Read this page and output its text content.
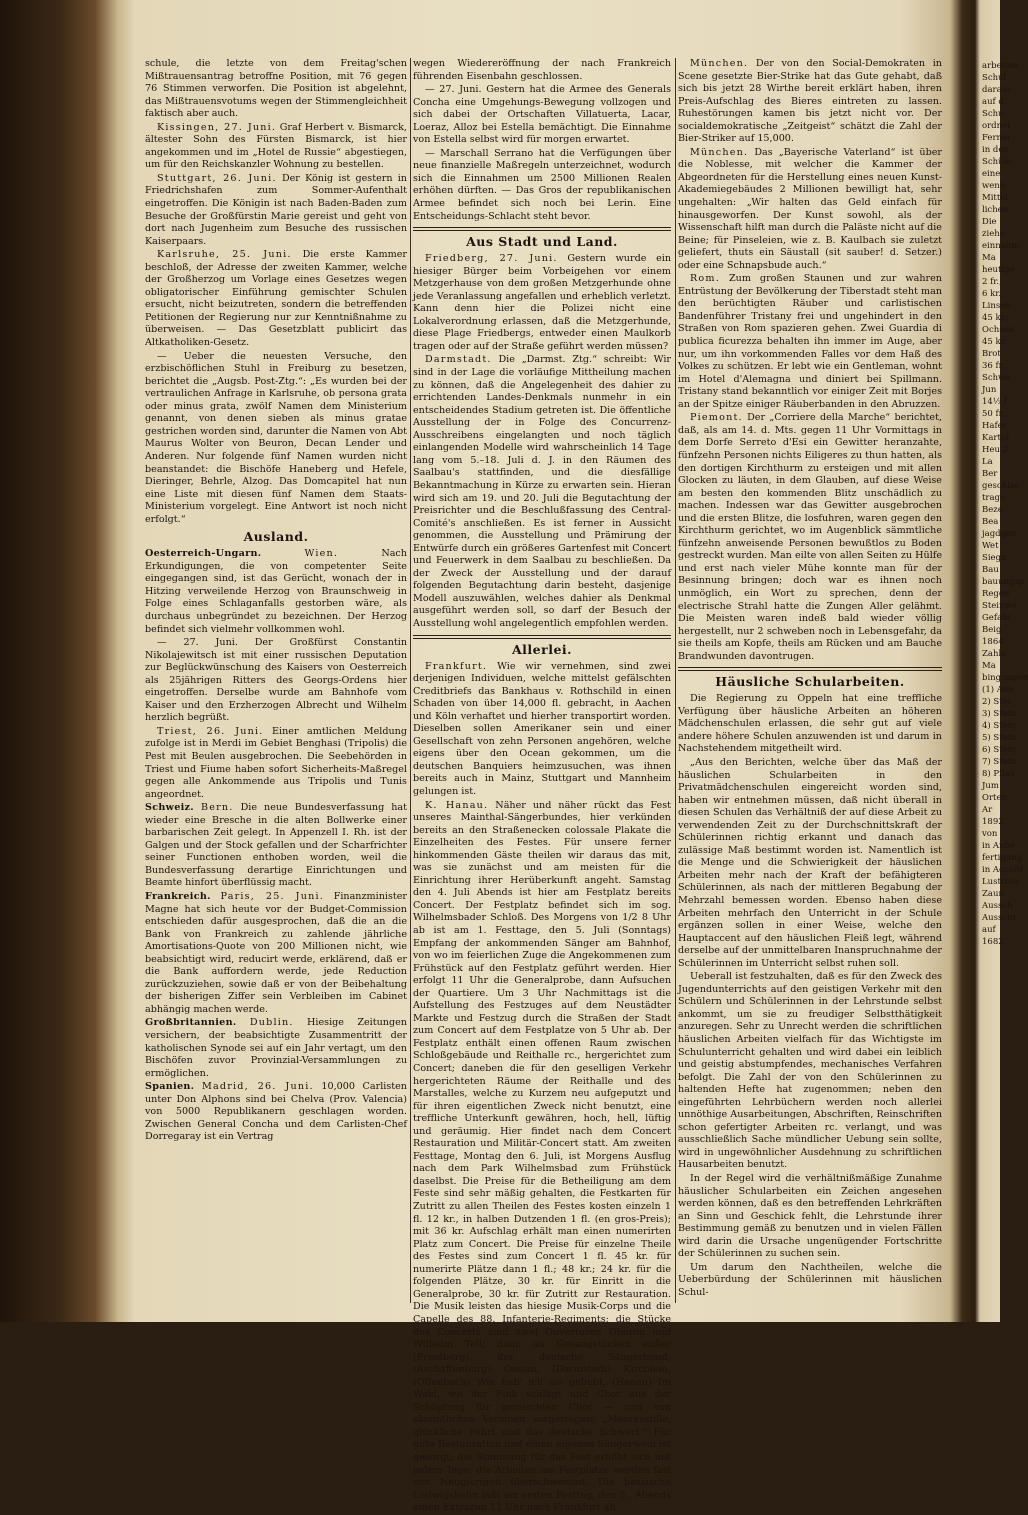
schule, die letzte von dem Freitag'schen Mißtrauensantrag betroffne Position, mit 76 gegen 76 Stimmen verworfen. Die Position ist abgelehnt, das Mißtrauensvotums wegen der Stimmengleichheit faktisch aber auch.

Kissingen, 27. Juni. Graf Herbert v. Bismarck, ältester Sohn des Fürsten Bismarck, ist hier angekommen und im „Hotel de Russie“ abgestiegen, um für den Reichskanzler Wohnung zu bestellen.

Stuttgart, 26. Juni. Der König ist gestern in Friedrichshafen zum Sommer-Aufenthalt eingetroffen. Die Königin ist nach Baden-Baden zum Besuche der Großfürstin Marie gereist und geht von dort nach Jugenheim zum Besuche des russischen Kaiserpaars.

Karlsruhe, 25. Juni. Die erste Kammer beschloß, der Adresse der zweiten Kammer, welche der Großherzog um Vorlage eines Gesetzes wegen obligatorischer Einführung gemischter Schulen ersucht, nicht beizutreten, sondern die betreffenden Petitionen der Regierung nur zur Kenntnißnahme zu überweisen. — Das Gesetzblatt publicirt das Altkatholiken-Gesetz.

— Ueber die neuesten Versuche, den erzbischöflichen Stuhl in Freiburg zu besetzen, berichtet die „Augsb. Post-Ztg.“: „Es wurden bei der vertraulichen Anfrage in Karlsruhe, ob persona grata oder minus grata, zwölf Namen dem Ministerium genannt, von denen sieben als minus gratae gestrichen worden sind, darunter die Namen von Abt Maurus Wolter von Beuron, Decan Lender und Anderen. Nur folgende fünf Namen wurden nicht beanstandet: die Bischöfe Haneberg und Hefele, Dieringer, Behrle, Alzog. Das Domcapitel hat nun eine Liste mit diesen fünf Namen dem Staats-Ministerium vorgelegt. Eine Antwort ist noch nicht erfolgt.“

Ausland.

Oesterreich-Ungarn.	Wien.	Nach Erkundigungen, die von competenter Seite eingegangen sind, ist das Gerücht, wonach der in Hitzing verweilende Herzog von Braunschweig in Folge eines Schlaganfalls gestorben wäre, als durchaus unbegründet zu bezeichnen. Der Herzog befindet sich vielmehr vollkommen wohl.

— 27. Juni. Der Großfürst Constantin Nikolajewitsch ist mit einer russischen Deputation zur Beglückwünschung des Kaisers von Oesterreich als 25jährigen Ritters des Georgs-Ordens hier eingetroffen. Derselbe wurde am Bahnhofe vom Kaiser und den Erzherzogen Albrecht und Wilhelm herzlich begrüßt.

Triest, 26. Juni. Einer amtlichen Meldung zufolge ist in Merdi im Gebiet Benghasi (Tripolis) die Pest mit Beulen ausgebrochen. Die Seebehörden in Triest und Fiume haben sofort Sicherheits-Maßregel gegen alle Ankommende aus Tripolis und Tunis angeordnet.

Schweiz. Bern. Die neue Bundesverfassung hat wieder eine Bresche in die alten Bollwerke einer barbarischen Zeit gelegt. In Appenzell I. Rh. ist der Galgen und der Stock gefallen und der Scharfrichter seiner Functionen enthoben worden, weil die Bundesverfassung derartige Einrichtungen und Beamte hinfort überflüssig macht.

Frankreich. Paris, 25. Juni. Finanzminister Magne hat sich heute vor der Budget-Commission entschieden dafür ausgesprochen, daß die an die Bank von Frankreich zu zahlende jährliche Amortisations-Quote von 200 Millionen nicht, wie beabsichtigt wird, reducirt werde, erklärend, daß er die Bank auffordern werde, jede Reduction zurückzuziehen, sowie daß er von der Beibehaltung der bisherigen Ziffer sein Verbleiben im Cabinet abhängig machen werde.

Großbritannien. Dublin. Hiesige Zeitungen versichern, der beabsichtigte Zusammentritt der katholischen Synode sei auf ein Jahr vertagt, um den Bischöfen zuvor Provinzial-Versammlungen zu ermöglichen.

Spanien. Madrid, 26. Juni. 10,000 Carlisten unter Don Alphons sind bei Chelva (Prov. Valencia) von 5000 Republikanern geschlagen worden. Zwischen General Concha und dem Carlisten-Chef Dorregaray ist ein Vertrag

wegen Wiedereröffnung der nach Frankreich führenden Eisenbahn geschlossen.

— 27. Juni. Gestern hat die Armee des Generals Concha eine Umgehungs-Bewegung vollzogen und sich dabei der Ortschaften Villatuerta, Lacar, Loeraz, Alloz bei Estella bemächtigt. Die Einnahme von Estella selbst wird für morgen erwartet.

— Marschall Serrano hat die Verfügungen über neue finanzielle Maßregeln unterzeichnet, wodurch sich die Einnahmen um 2500 Millionen Realen erhöhen dürften. — Das Gros der republikanischen Armee befindet sich noch bei Lerin. Eine Entscheidungs-Schlacht steht bevor.

Aus Stadt und Land.

Friedberg, 27. Juni. Gestern wurde ein hiesiger Bürger beim Vorbeigehen vor einem Metzgerhause von dem großen Metzgerhunde ohne jede Veranlassung angefallen und erheblich verletzt. Kann denn hier die Polizei nicht eine Lokalverordnung erlassen, daß die Metzgerhunde, diese Plage Friedbergs, entweder einen Maulkorb tragen oder auf der Straße geführt werden müssen?

Darmstadt. Die „Darmst. Ztg.“ schreibt: Wir sind in der Lage die vorläufige Mittheilung machen zu können, daß die Angelegenheit des dahier zu errichtenden Landes-Denkmals nunmehr in ein entscheidendes Stadium getreten ist. Die öffentliche Ausstellung der in Folge des Concurrenz-Ausschreibens eingelangten und noch täglich einlangenden Modelle wird wahrscheinlich 14 Tage lang vom 5.–18. Juli d. J. in den Räumen des Saalbau's stattfinden, und die diesfällige Bekanntmachung in Kürze zu erwarten sein. Hieran wird sich am 19. und 20. Juli die Begutachtung der Preisrichter und die Beschlußfassung des Central-Comité's anschließen. Es ist ferner in Aussicht genommen, die Ausstellung und Prämirung der Entwürfe durch ein größeres Gartenfest mit Concert und Feuerwerk in dem Saalbau zu beschließen. Da der Zweck der Ausstellung und der darauf folgenden Begutachtung darin besteht, dasjenige Modell auszuwählen, welches dahier als Denkmal ausgeführt werden soll, so darf der Besuch der Ausstellung wohl angelegentlich empfohlen werden.

Allerlei.

Frankfurt. Wie wir vernehmen, sind zwei derjenigen Individuen, welche mittelst gefälschten Creditbriefs das Bankhaus v. Rothschild in einen Schaden von über 14,000 fl. gebracht, in Aachen und Köln verhaftet und hierher transportirt worden. Dieselben sollen Amerikaner sein und einer Gesellschaft von zehn Personen angehören, welche eigens über den Ocean gekommen, um die deutschen Banquiers heimzusuchen, was ihnen bereits auch in Mainz, Stuttgart und Mannheim gelungen ist.

K. Hanau. Näher und näher rückt das Fest unseres Mainthal-Sängerbundes, hier verkünden bereits an den Straßenecken colossale Plakate die Einzelheiten des Festes. Für unsere ferner hinkommenden Gäste theilen wir daraus das mit, was sie zunächst und am meisten für die Einrichtung ihrer Herüberkunft angeht. Samstag den 4. Juli Abends ist hier am Festplatz bereits Concert. Der Festplatz befindet sich im sog. Wilhelmsbader Schloß. Des Morgens von 1/2 8 Uhr ab ist am 1. Festtage, den 5. Juli (Sonntags) Empfang der ankommenden Sänger am Bahnhof, von wo im feierlichen Zuge die Angekommenen zum Frühstück auf den Festplatz geführt werden. Hier erfolgt 11 Uhr die Generalprobe, dann Aufsuchen der Quartiere. Um 3 Uhr Nachmittags ist die Aufstellung des Festzuges auf dem Neustädter Markte und Festzug durch die Straßen der Stadt zum Concert auf dem Festplatze von 5 Uhr ab. Der Festplatz enthält einen offenen Raum zwischen Schloßgebäude und Reithalle rc., hergerichtet zum Concert; daneben die für den geselligen Verkehr hergerichteten Räume der Reithalle und des Marstalles, welche zu Kurzem neu aufgeputzt und für ihren eigentlichen Zweck nicht benutzt, eine treffliche Unterkunft gewähren, hoch, hell, lüftig und geräumig. Hier findet nach dem Concert Restauration und Militär-Concert statt. Am zweiten Festtage, Montag den 6. Juli, ist Morgens Ausflug nach dem Park Wilhelmsbad zum Frühstück daselbst. Die Preise für die Betheiligung am dem Feste sind sehr mäßig gehalten, die Festkarten für Zutritt zu allen Theilen des Festes kosten einzeln 1 fl. 12 kr., in halben Dutzenden 1 fl. (en gros-Preis); mit 36 kr. Aufschlag erhält man einen numerirten Platz zum Concert. Die Preise für einzelne Theile des Festes sind zum Concert 1 fl. 45 kr. für numerirte Plätze dann 1 fl.; 48 kr.; 24 kr. für die folgenden Plätze, 30 kr. für Einritt in die Generalprobe, 30 kr. für Zutritt zur Restauration. Die Musik leisten das hiesige Musik-Corps und die Capelle des 88. Infanterie-Regiments; die Stücke des Concerts sind zwei Ouverturen Oberon und Wilhelm Tell; dann an Gesangstücken außer (Friedberg), der deutsche Sängerbund; (Aschaffenburg) Ossian, (Darmstadt) Kirchlein, (Offenbach) Wie hab' ich sie geliebt, (Hanau) Im Wald, wo der Fink schlägt und Chor aus der Schöpfung für gemischten Chor — und von sämmtlichen Vereinen vorgetragen: „Meeresstille, glückliche Fahrt und das deutsche Schwert.“ Für gute Restauration und einen eigenen Sängerwein ist gesorgt; die Stimmung für das Fest erhöht sich mit jedem Tage, die Arbeiten am Festplatze werden fast von Neugierigen überschwemmt. Die hessische Ludwigsbahn läßt am ersten Festtag, den 5., Abends einen Extrazug 11 Uhr nach Frankfurt ab.

München. Der von den Social-Demokraten in Scene gesetzte Bier-Strike hat das Gute gehabt, daß sich bis jetzt 28 Wirthe bereit erklärt haben, ihren Preis-Aufschlag des Bieres eintreten zu lassen. Ruhestörungen kamen bis jetzt nicht vor. Der socialdemokratische „Zeitgeist“ schätzt die Zahl der Bier-Striker auf 15,000.

München. Das „Bayerische Vaterland“ ist über die Noblesse, mit welcher die Kammer der Abgeordneten für die Herstellung eines neuen Kunst-Akademiegebäudes 2 Millionen bewilligt hat, sehr ungehalten: „Wir halten das Geld einfach für hinausgeworfen. Der Kunst sowohl, als der Wissenschaft hilft man durch die Paläste nicht auf die Beine; für Pinseleien, wie z. B. Kaulbach sie zuletzt geliefert, thuts ein Säustall (sit sauber! d. Setzer.) oder eine Schnapsbude auch.“

Rom. Zum großen Staunen und zur wahren Entrüstung der Bevölkerung der Tiberstadt steht man den berüchtigten Räuber und carlistischen Bandenführer Tristany frei und ungehindert in den Straßen von Rom spazieren gehen. Zwei Guardia di publica ficurezza behalten ihn immer im Auge, aber nur, um ihn vorkommenden Falles vor dem Haß des Volkes zu schützen. Er lebt wie ein Gentleman, wohnt im Hotel d'Alemagna und diniert bei Spillmann. Tristany stand bekanntlich vor einiger Zeit mit Borjes an der Spitze einiger Räuberbanden in den Abruzzen.

Piemont. Der „Corriere della Marche“ berichtet, daß, als am 14. d. Mts. gegen 11 Uhr Vormittags in dem Dorfe Serreto d'Esi ein Gewitter heranzahte, fünfzehn Personen nichts Eiligeres zu thun hatten, als den dortigen Kirchthurm zu ersteigen und mit allen Glocken zu läuten, in dem Glauben, auf diese Weise am besten den kommenden Blitz unschädlich zu machen. Indessen war das Gewitter ausgebrochen und die ersten Blitze, die losfuhren, waren gegen den Kirchthurm gerichtet, wo im Augenblick sämmtliche fünfzehn anweisende Personen bewußtlos zu Boden gestreckt wurden. Man eilte von allen Seiten zu Hülfe und erst nach vieler Mühe konnte man für der Besinnung bringen; doch war es ihnen noch unmöglich, ein Wort zu sprechen, denn der electrische Strahl hatte die Zungen Aller gelähmt. Die Meisten waren indeß bald wieder völlig hergestellt, nur 2 schweben noch in Lebensgefahr, da sie theils am Kopfe, theils am Rücken und am Bauche Brandwunden davontrugen.

Häusliche Schularbeiten.

Die Regierung zu Oppeln hat eine treffliche Verfügung über häusliche Arbeiten an höheren Mädchenschulen erlassen, die sehr gut auf viele andere höhere Schulen anzuwenden ist und darum in Nachstehendem mitgetheilt wird.

„Aus den Berichten, welche über das Maß der häuslichen Schularbeiten in den Privatmädchenschulen eingereicht worden sind, haben wir entnehmen müssen, daß nicht überall in diesen Schulen das Verhältniß der auf diese Arbeit zu verwendenden Zeit zu der Durchschnittskraft der Schülerinnen richtig erkannt und danach das zulässige Maß bestimmt worden ist. Namentlich ist die Menge und die Schwierigkeit der häuslichen Arbeiten mehr nach der Kraft der befähigteren Schülerinnen, als nach der mittleren Begabung der Mehrzahl bemessen worden. Ebenso haben diese Arbeiten mehrfach den Unterricht in der Schule ergänzen sollen in einer Weise, welche den Hauptaccent auf den häuslichen Fleiß legt, während derselbe auf der unmittelbaren Inanspruchnahme der Schülerinnen im Unterricht selbst ruhen soll.

Ueberall ist festzuhalten, daß es für den Zweck des Jugendunterrichts auf den geistigen Verkehr mit den Schülern und Schülerinnen in der Lehrstunde selbst ankommt, um sie zu freudiger Selbstthätigkeit anzuregen. Sehr zu Unrecht werden die schriftlichen häuslichen Arbeiten vielfach für das Wichtigste im Schulunterricht gehalten und wird dabei ein leiblich und geistig abstumpfendes, mechanisches Verfahren befolgt. Die Zahl der von den Schülerinnen zu haltenden Hefte hat zugenommen; neben den eingeführten Lehrbüchern werden noch allerlei unnöthige Ausarbeitungen, Abschriften, Reinschriften schon gefertigter Arbeiten rc. verlangt, und was ausschließlich Sache mündlicher Uebung sein sollte, wird in ungewöhnlicher Ausdehnung zu schriftlichen Hausarbeiten benutzt.

In der Regel wird die verhältnißmäßige Zunahme häuslicher Schularbeiten ein Zeichen angesehen werden können, daß es den betreffenden Lehrkräften an Sinn und Geschick fehlt, die Lehrstunde ihrer Bestimmung gemäß zu benutzen und in vielen Fällen wird darin die Ursache ungenügender Fortschritte der Schülerinnen zu suchen sein.

Um darum den Nachtheilen, welche die Ueberbürdung der Schülerinnen mit häuslichen Schul-

arbeiten
Schul
daraus
auf d
Schu
ordnet
Ferner
in den
Schüle
eine
wenn
Mittel
lichen
Die
ziehe
einnahm
Ma
heutige
2 fr.,
6 kr.;
Linsen
45 kr.;
Ochsen
45 kr.
Brot
36 fr.,
Schwe
Jun
14½ f
50 fr.,
Hafer
Kartof
Heu 2
La
Ber
geschlac
trage
Beze
Bea
jagdgen
Wet
Siegn
Bau
bauungsp
Regen
Steinwe
Gefahr
Beig
1864
Zahls
Ma
bingungen
(1) Ann
2) Stei
3) Stein
4) Stein
5) Stein
6) Stein
7) Stein
8) Pflas
Jum
Orten
Ar
1892
von
in Anbe
fertigung
in Accord
Lusttrag
Zaun
Aussch
Ausschr
auf
1682
